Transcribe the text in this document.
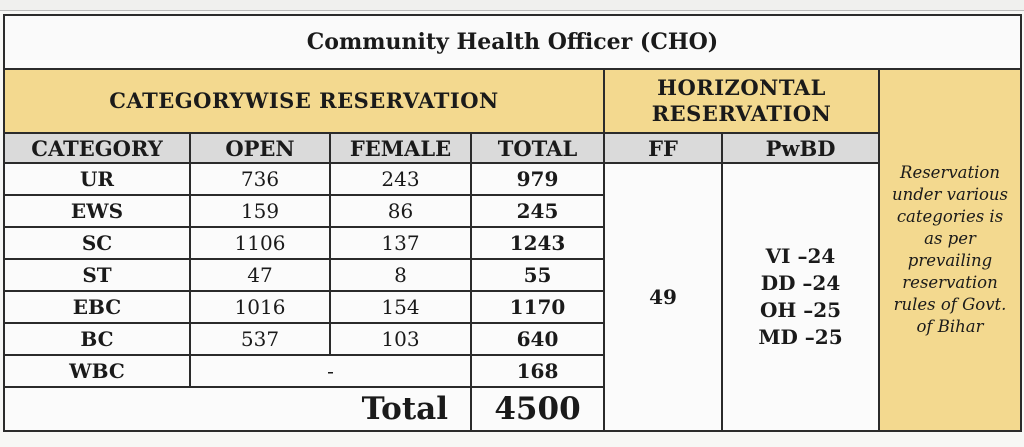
Community Health Officer (CHO)						
CATEGORYWISE RESERVATION				HORIZONTAL RESERVATION		Reservation under various categories is as per prevailing reservation rules of Govt. of Bihar
CATEGORY	OPEN	FEMALE	TOTAL	FF	PwBD	
UR	736	243	979	49	VI –24
DD –24
OH –25
MD –25	

EWS	159	86	245			
SC	1106	137	1243			
ST	47	8	55			
EBC	1016	154	1170			
BC	537	103	640			
WBC	-		168			
Total			4500			
